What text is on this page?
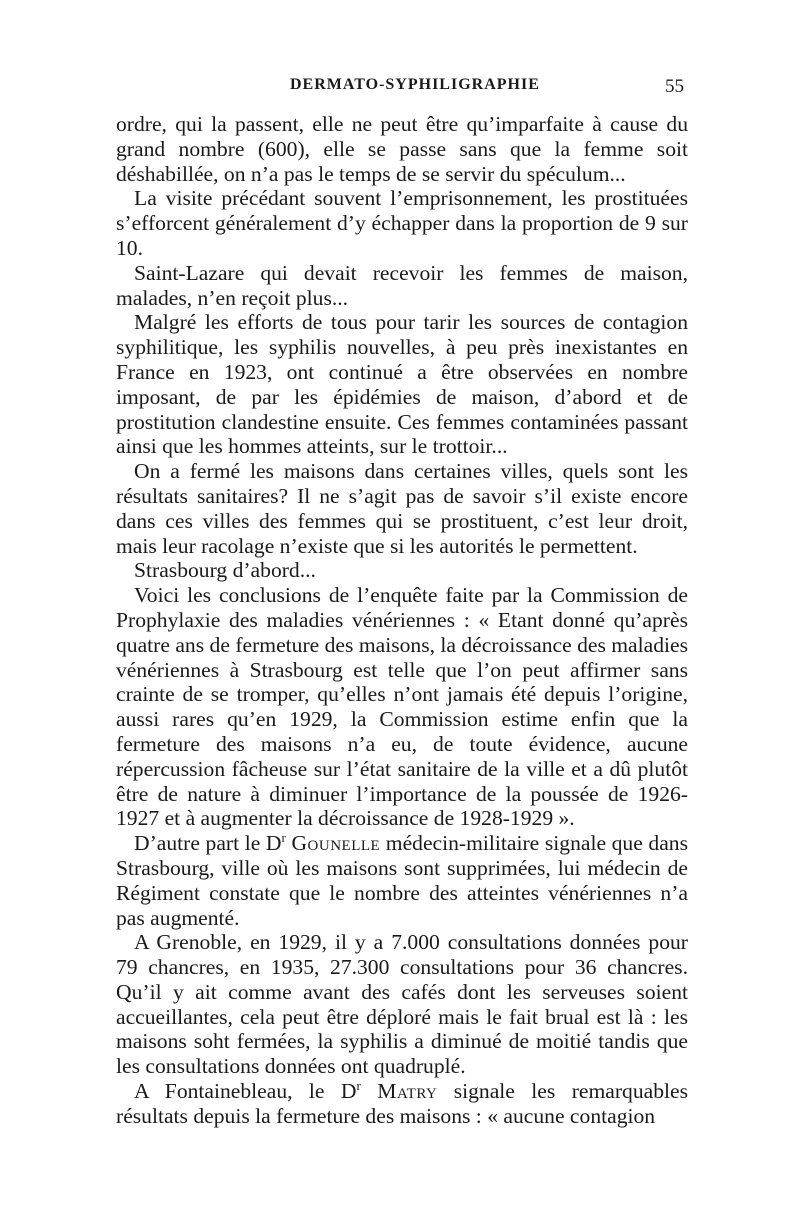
DERMATO-SYPHILIGRAPHIE	55

ordre, qui la passent, elle ne peut être qu’imparfaite à cause du grand nombre (600), elle se passe sans que la femme soit déshabillée, on n’a pas le temps de se servir du spéculum...

La visite précédant souvent l’emprisonnement, les prostituées s’efforcent généralement d’y échapper dans la proportion de 9 sur 10.

Saint-Lazare qui devait recevoir les femmes de maison, malades, n’en reçoit plus...

Malgré les efforts de tous pour tarir les sources de contagion syphilitique, les syphilis nouvelles, à peu près inexistantes en France en 1923, ont continué a être observées en nombre imposant, de par les épidémies de maison, d’abord et de prostitution clandestine ensuite. Ces femmes contaminées passant ainsi que les hommes atteints, sur le trottoir...

On a fermé les maisons dans certaines villes, quels sont les résultats sanitaires? Il ne s’agit pas de savoir s’il existe encore dans ces villes des femmes qui se prostituent, c’est leur droit, mais leur racolage n’existe que si les autorités le permettent.

Strasbourg d’abord...

Voici les conclusions de l’enquête faite par la Commission de Prophylaxie des maladies vénériennes : « Etant donné qu’après quatre ans de fermeture des maisons, la décroissance des maladies vénériennes à Strasbourg est telle que l’on peut affirmer sans crainte de se tromper, qu’elles n’ont jamais été depuis l’origine, aussi rares qu’en 1929, la Commission estime enfin que la fermeture des maisons n’a eu, de toute évidence, aucune répercussion fâcheuse sur l’état sanitaire de la ville et a dû plutôt être de nature à diminuer l’importance de la poussée de 1926-1927 et à augmenter la décroissance de 1928-1929 ».

D’autre part le $D^r$ Gounelle médecin-militaire signale que dans Strasbourg, ville où les maisons sont supprimées, lui médecin de Régiment constate que le nombre des atteintes vénériennes n’a pas augmenté.

A Grenoble, en 1929, il y a 7.000 consultations données pour 79 chancres, en 1935, 27.300 consultations pour 36 chancres. Qu’il y ait comme avant des cafés dont les serveuses soient accueillantes, cela peut être déploré mais le fait brual est là : les maisons soht fermées, la syphilis a diminué de moitié tandis que les consultations données ont quadruplé.

A Fontainebleau, le $D^r$ Matry signale les remarquables résultats depuis la fermeture des maisons : « aucune contagion
